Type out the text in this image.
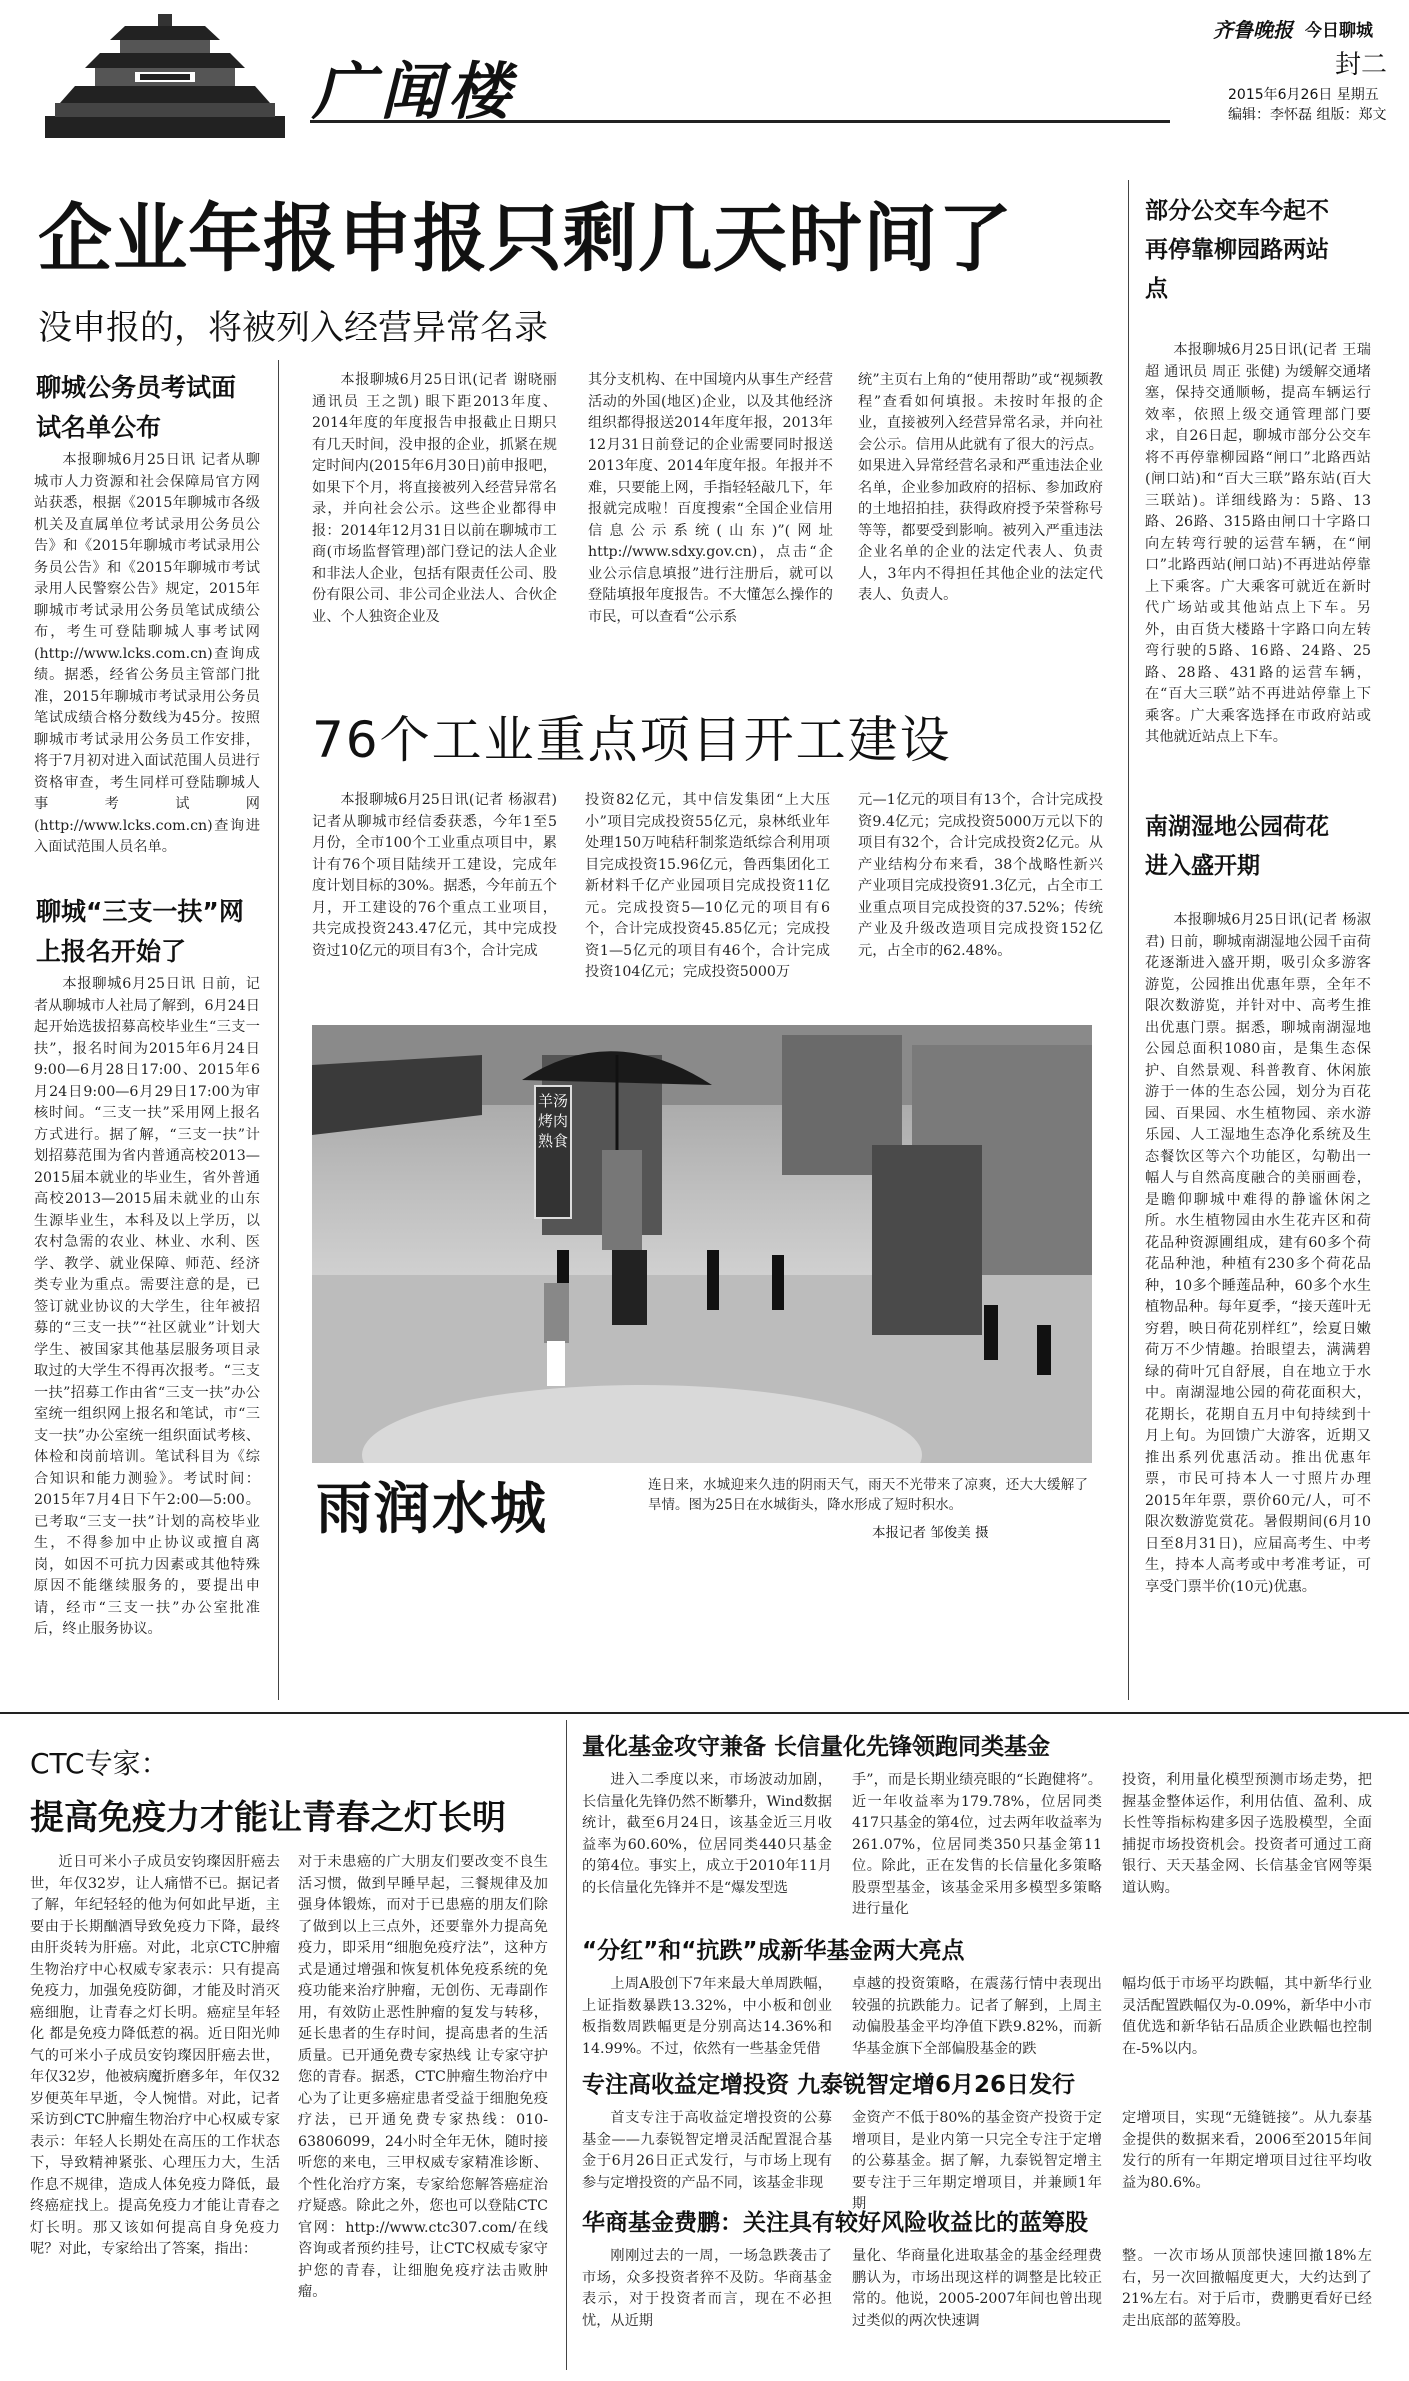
广闻楼
齐鲁晚报 今日聊城
封二
2015年6月26日 星期五
编辑：李怀磊 组版：郑文
企业年报申报只剩几天时间了
没申报的，将被列入经营异常名录
聊城公务员考试面试名单公布

本报聊城6月25日讯 记者从聊城市人力资源和社会保障局官方网站获悉，根据《2015年聊城市各级机关及直属单位考试录用公务员公告》和《2015年聊城市考试录用公务员公告》和《2015年聊城市考试录用人民警察公告》规定，2015年聊城市考试录用公务员笔试成绩公布，考生可登陆聊城人事考试网(http://www.lcks.com.cn)查询成绩。据悉，经省公务员主管部门批准，2015年聊城市考试录用公务员笔试成绩合格分数线为45分。按照聊城市考试录用公务员工作安排，将于7月初对进入面试范围人员进行资格审查，考生同样可登陆聊城人事考试网(http://www.lcks.com.cn)查询进入面试范围人员名单。

聊城“三支一扶”网上报名开始了

本报聊城6月25日讯 日前，记者从聊城市人社局了解到，6月24日起开始选拔招募高校毕业生“三支一扶”，报名时间为2015年6月24日9:00—6月28日17:00、2015年6月24日9:00—6月29日17:00为审核时间。“三支一扶”采用网上报名方式进行。据了解，“三支一扶”计划招募范围为省内普通高校2013—2015届本就业的毕业生，省外普通高校2013—2015届未就业的山东生源毕业生，本科及以上学历，以农村急需的农业、林业、水利、医学、教学、就业保障、师范、经济类专业为重点。需要注意的是，已签订就业协议的大学生，往年被招募的“三支一扶”“社区就业”计划大学生、被国家其他基层服务项目录取过的大学生不得再次报考。“三支一扶”招募工作由省“三支一扶”办公室统一组织网上报名和笔试，市“三支一扶”办公室统一组织面试考核、体检和岗前培训。笔试科目为《综合知识和能力测验》。考试时间：2015年7月4日下午2:00—5:00。已考取“三支一扶”计划的高校毕业生，不得参加中止协议或擅自离岗，如因不可抗力因素或其他特殊原因不能继续服务的，要提出申请，经市“三支一扶”办公室批准后，终止服务协议。

本报聊城6月25日讯(记者 谢晓丽 通讯员 王之凯) 眼下距2013年度、2014年度的年度报告申报截止日期只有几天时间，没申报的企业，抓紧在规定时间内(2015年6月30日)前申报吧，如果下个月，将直接被列入经营异常名录，并向社会公示。这些企业都得申报：2014年12月31日以前在聊城市工商(市场监督管理)部门登记的法人企业和非法人企业，包括有限责任公司、股份有限公司、非公司企业法人、合伙企业、个人独资企业及

其分支机构、在中国境内从事生产经营活动的外国(地区)企业，以及其他经济组织都得报送2014年度年报，2013年12月31日前登记的企业需要同时报送2013年度、2014年度年报。年报并不难，只要能上网，手指轻轻敲几下，年报就完成啦！百度搜索“全国企业信用信息公示系统(山东)”(网址http://www.sdxy.gov.cn)，点击“企业公示信息填报”进行注册后，就可以登陆填报年度报告。不大懂怎么操作的市民，可以查看“公示系

统”主页右上角的“使用帮助”或“视频教程”查看如何填报。未按时年报的企业，直接被列入经营异常名录，并向社会公示。信用从此就有了很大的污点。如果进入异常经营名录和严重违法企业名单，企业参加政府的招标、参加政府的土地招拍挂，获得政府授予荣誉称号等等，都要受到影响。被列入严重违法企业名单的企业的法定代表人、负责人，3年内不得担任其他企业的法定代表人、负责人。

76个工业重点项目开工建设

本报聊城6月25日讯(记者 杨淑君) 记者从聊城市经信委获悉，今年1至5月份，全市100个工业重点项目中，累计有76个项目陆续开工建设，完成年度计划目标的30%。据悉，今年前五个月，开工建设的76个重点工业项目，共完成投资243.47亿元，其中完成投资过10亿元的项目有3个，合计完成

投资82亿元，其中信发集团“上大压小”项目完成投资55亿元，泉林纸业年处理150万吨秸秆制浆造纸综合利用项目完成投资15.96亿元，鲁西集团化工新材料千亿产业园项目完成投资11亿元。完成投资5—10亿元的项目有6个，合计完成投资45.85亿元；完成投资1—5亿元的项目有46个，合计完成投资104亿元；完成投资5000万

元—1亿元的项目有13个，合计完成投资9.4亿元；完成投资5000万元以下的项目有32个，合计完成投资2亿元。从产业结构分布来看，38个战略性新兴产业项目完成投资91.3亿元，占全市工业重点项目完成投资的37.52%；传统产业及升级改造项目完成投资152亿元，占全市的62.48%。

羊汤烤肉熟食
雨润水城	连日来，水城迎来久违的阴雨天气，雨天不光带来了凉爽，还大大缓解了旱情。图为25日在水城街头，降水形成了短时积水。

本报记者 邹俊美 摄
部分公交车今起不再停靠柳园路两站点

本报聊城6月25日讯(记者 王瑞超 通讯员 周正 张健) 为缓解交通堵塞，保持交通顺畅，提高车辆运行效率，依照上级交通管理部门要求，自26日起，聊城市部分公交车将不再停靠柳园路“闸口”北路西站(闸口站)和“百大三联”路东站(百大三联站)。详细线路为：5路、13路、26路、315路由闸口十字路口向左转弯行驶的运营车辆，在“闸口”北路西站(闸口站)不再进站停靠上下乘客。广大乘客可就近在新时代广场站或其他站点上下车。另外，由百货大楼路十字路口向左转弯行驶的5路、16路、24路、25路、28路、431路的运营车辆，在“百大三联”站不再进站停靠上下乘客。广大乘客选择在市政府站或其他就近站点上下车。

南湖湿地公园荷花进入盛开期

本报聊城6月25日讯(记者 杨淑君) 日前，聊城南湖湿地公园千亩荷花逐渐进入盛开期，吸引众多游客游览，公园推出优惠年票，全年不限次数游览，并针对中、高考生推出优惠门票。据悉，聊城南湖湿地公园总面积1080亩，是集生态保护、自然景观、科普教育、休闲旅游于一体的生态公园，划分为百花园、百果园、水生植物园、亲水游乐园、人工湿地生态净化系统及生态餐饮区等六个功能区，勾勒出一幅人与自然高度融合的美丽画卷，是瞻仰聊城中难得的静谧休闲之所。水生植物园由水生花卉区和荷花品种资源圃组成，建有60多个荷花品种池，种植有230多个荷花品种，10多个睡莲品种，60多个水生植物品种。每年夏季，“接天莲叶无穷碧，映日荷花别样红”，绘夏日嫩荷万不少情趣。抬眼望去，满满碧绿的荷叶冗自舒展，自在地立于水中。南湖湿地公园的荷花面积大，花期长，花期自五月中旬持续到十月上旬。为回馈广大游客，近期又推出系列优惠活动。推出优惠年票，市民可持本人一寸照片办理2015年年票，票价60元/人，可不限次数游览赏花。暑假期间(6月10日至8月31日)，应届高考生、中考生，持本人高考或中考准考证，可享受门票半价(10元)优惠。

CTC专家：
提高免疫力才能让青春之灯长明

近日可米小子成员安钧璨因肝癌去世，年仅32岁，让人痛惜不已。据记者了解，年纪轻轻的他为何如此早逝，主要由于长期酗酒导致免疫力下降，最终由肝炎转为肝癌。对此，北京CTC肿瘤生物治疗中心权威专家表示：只有提高免疫力，加强免疫防御，才能及时消灭癌细胞，让青春之灯长明。癌症呈年轻化 都是免疫力降低惹的祸。近日阳光帅气的可米小子成员安钧璨因肝癌去世，年仅32岁，他被病魔折磨多年，年仅32岁便英年早逝，令人惋惜。对此，记者采访到CTC肿瘤生物治疗中心权威专家表示：年轻人长期处在高压的工作状态下，导致精神紧张、心理压力大，生活作息不规律，造成人体免疫力降低，最终癌症找上。提高免疫力才能让青春之灯长明。那又该如何提高自身免疫力呢？对此，专家给出了答案，指出：

对于未患癌的广大朋友们要改变不良生活习惯，做到早睡早起，三餐规律及加强身体锻炼，而对于已患癌的朋友们除了做到以上三点外，还要靠外力提高免疫力，即采用“细胞免疫疗法”，这种方式是通过增强和恢复机体免疫系统的免疫功能来治疗肿瘤，无创伤、无毒副作用，有效防止恶性肿瘤的复发与转移，延长患者的生存时间，提高患者的生活质量。已开通免费专家热线 让专家守护您的青春。据悉，CTC肿瘤生物治疗中心为了让更多癌症患者受益于细胞免疫疗法，已开通免费专家热线：010-63806099，24小时全年无休，随时接听您的来电，三甲权威专家精准诊断、个性化治疗方案，专家给您解答癌症治疗疑惑。除此之外，您也可以登陆CTC官网：http://www.ctc307.com/在线咨询或者预约挂号，让CTC权威专家守护您的青春，让细胞免疫疗法击败肿瘤。

量化基金攻守兼备 长信量化先锋领跑同类基金

进入二季度以来，市场波动加剧，长信量化先锋仍然不断攀升，Wind数据统计，截至6月24日，该基金近三月收益率为60.60%，位居同类440只基金的第4位。事实上，成立于2010年11月的长信量化先锋并不是“爆发型选

手”，而是长期业绩亮眼的“长跑健将”。近一年收益率为179.78%，位居同类417只基金的第4位，过去两年收益率为261.07%，位居同类350只基金第11位。除此，正在发售的长信量化多策略股票型基金，该基金采用多模型多策略进行量化

投资，利用量化模型预测市场走势，把握基金整体运作，利用估值、盈利、成长性等指标构建多因子选股模型，全面捕捉市场投资机会。投资者可通过工商银行、天天基金网、长信基金官网等渠道认购。

“分红”和“抗跌”成新华基金两大亮点

上周A股创下7年来最大单周跌幅，上证指数暴跌13.32%，中小板和创业板指数周跌幅更是分别高达14.36%和14.99%。不过，依然有一些基金凭借

卓越的投资策略，在震荡行情中表现出较强的抗跌能力。记者了解到，上周主动偏股基金平均净值下跌9.82%，而新华基金旗下全部偏股基金的跌

幅均低于市场平均跌幅，其中新华行业灵活配置跌幅仅为-0.09%，新华中小市值优选和新华钻石品质企业跌幅也控制在-5%以内。

专注高收益定增投资 九泰锐智定增6月26日发行

首支专注于高收益定增投资的公募基金——九泰锐智定增灵活配置混合基金于6月26日正式发行，与市场上现有参与定增投资的产品不同，该基金非现

金资产不低于80%的基金资产投资于定增项目，是业内第一只完全专注于定增的公募基金。据了解，九泰锐智定增主要专注于三年期定增项目，并兼顾1年期

定增项目，实现“无缝链接”。从九泰基金提供的数据来看，2006至2015年间发行的所有一年期定增项目过往平均收益为80.6%。

华商基金费鹏：关注具有较好风险收益比的蓝筹股

刚刚过去的一周，一场急跌袭击了市场，众多投资者猝不及防。华商基金表示，对于投资者而言，现在不必担忧，从近期

量化、华商量化进取基金的基金经理费鹏认为，市场出现这样的调整是比较正常的。他说，2005-2007年间也曾出现过类似的两次快速调

整。一次市场从顶部快速回撤18%左右，另一次回撤幅度更大，大约达到了21%左右。对于后市，费鹏更看好已经走出底部的蓝筹股。
